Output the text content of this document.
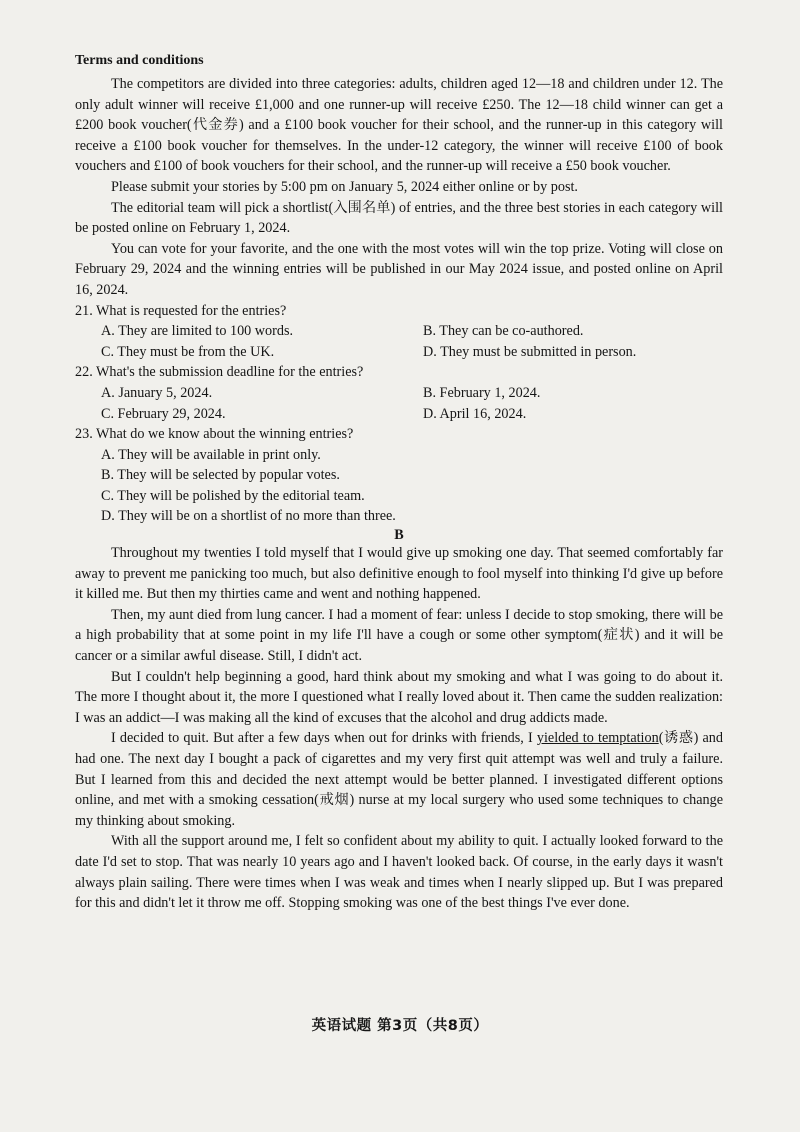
Terms and conditions

The competitors are divided into three categories: adults, children aged 12—18 and children under 12. The only adult winner will receive £1,000 and one runner-up will receive £250. The 12—18 child winner can get a £200 book voucher(代金券) and a £100 book voucher for their school, and the runner-up in this category will receive a £100 book voucher for themselves. In the under-12 category, the winner will receive £100 of book vouchers and £100 of book vouchers for their school, and the runner-up will receive a £50 book voucher.

Please submit your stories by 5:00 pm on January 5, 2024 either online or by post.

The editorial team will pick a shortlist(入围名单) of entries, and the three best stories in each category will be posted online on February 1, 2024.

You can vote for your favorite, and the one with the most votes will win the top prize. Voting will close on February 29, 2024 and the winning entries will be published in our May 2024 issue, and posted online on April 16, 2024.

21. What is requested for the entries?
A. They are limited to 100 words.	B. They can be co-authored.
C. They must be from the UK.	D. They must be submitted in person.
22. What's the submission deadline for the entries?
A. January 5, 2024.	B. February 1, 2024.
C. February 29, 2024.	D. April 16, 2024.
23. What do we know about the winning entries?
A. They will be available in print only.
B. They will be selected by popular votes.
C. They will be polished by the editorial team.
D. They will be on a shortlist of no more than three.
B

Throughout my twenties I told myself that I would give up smoking one day. That seemed comfortably far away to prevent me panicking too much, but also definitive enough to fool myself into thinking I'd give up before it killed me. But then my thirties came and went and nothing happened.

Then, my aunt died from lung cancer. I had a moment of fear: unless I decide to stop smoking, there will be a high probability that at some point in my life I'll have a cough or some other symptom(症状) and it will be cancer or a similar awful disease. Still, I didn't act.

But I couldn't help beginning a good, hard think about my smoking and what I was going to do about it. The more I thought about it, the more I questioned what I really loved about it. Then came the sudden realization: I was an addict—I was making all the kind of excuses that the alcohol and drug addicts made.

I decided to quit. But after a few days when out for drinks with friends, I yielded to temptation(诱惑) and had one. The next day I bought a pack of cigarettes and my very first quit attempt was well and truly a failure. But I learned from this and decided the next attempt would be better planned. I investigated different options online, and met with a smoking cessation(戒烟) nurse at my local surgery who used some techniques to change my thinking about smoking.

With all the support around me, I felt so confident about my ability to quit. I actually looked forward to the date I'd set to stop. That was nearly 10 years ago and I haven't looked back. Of course, in the early days it wasn't always plain sailing. There were times when I was weak and times when I nearly slipped up. But I was prepared for this and didn't let it throw me off. Stopping smoking was one of the best things I've ever done.

英语试题 第3页（共8页）
